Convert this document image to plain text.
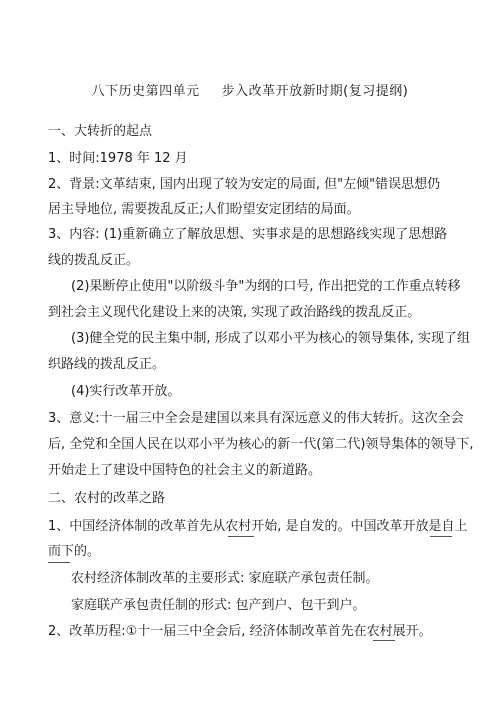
八下历史第四单元 步入改革开放新时期(复习提纲)
一、大转折的起点
1、时间:1978 年 12 月
2、背景:文革结束, 国内出现了较为安定的局面, 但"左倾"错误思想仍
居主导地位, 需要拨乱反正;人们盼望安定团结的局面。
3、内容: (1)重新确立了解放思想、实事求是的思想路线实现了思想路
线的拨乱反正。
(2)果断停止使用"以阶级斗争"为纲的口号, 作出把党的工作重点转移
到社会主义现代化建设上来的决策, 实现了政治路线的拨乱反正。
(3)健全党的民主集中制, 形成了以邓小平为核心的领导集体, 实现了组
织路线的拨乱反正。
(4)实行改革开放。
3、意义:十一届三中全会是建国以来具有深远意义的伟大转折。这次全会
后, 全党和全国人民在以邓小平为核心的新一代(第二代)领导集体的领导下,
开始走上了建设中国特色的社会主义的新道路。
二、农村的改革之路
1、中国经济体制的改革首先从农村开始, 是自发的。中国改革开放是自上
而下的。
农村经济体制改革的主要形式: 家庭联产承包责任制。
家庭联产承包责任制的形式: 包产到户、包干到户。
2、改革历程:①十一届三中全会后, 经济体制改革首先在农村展开。
